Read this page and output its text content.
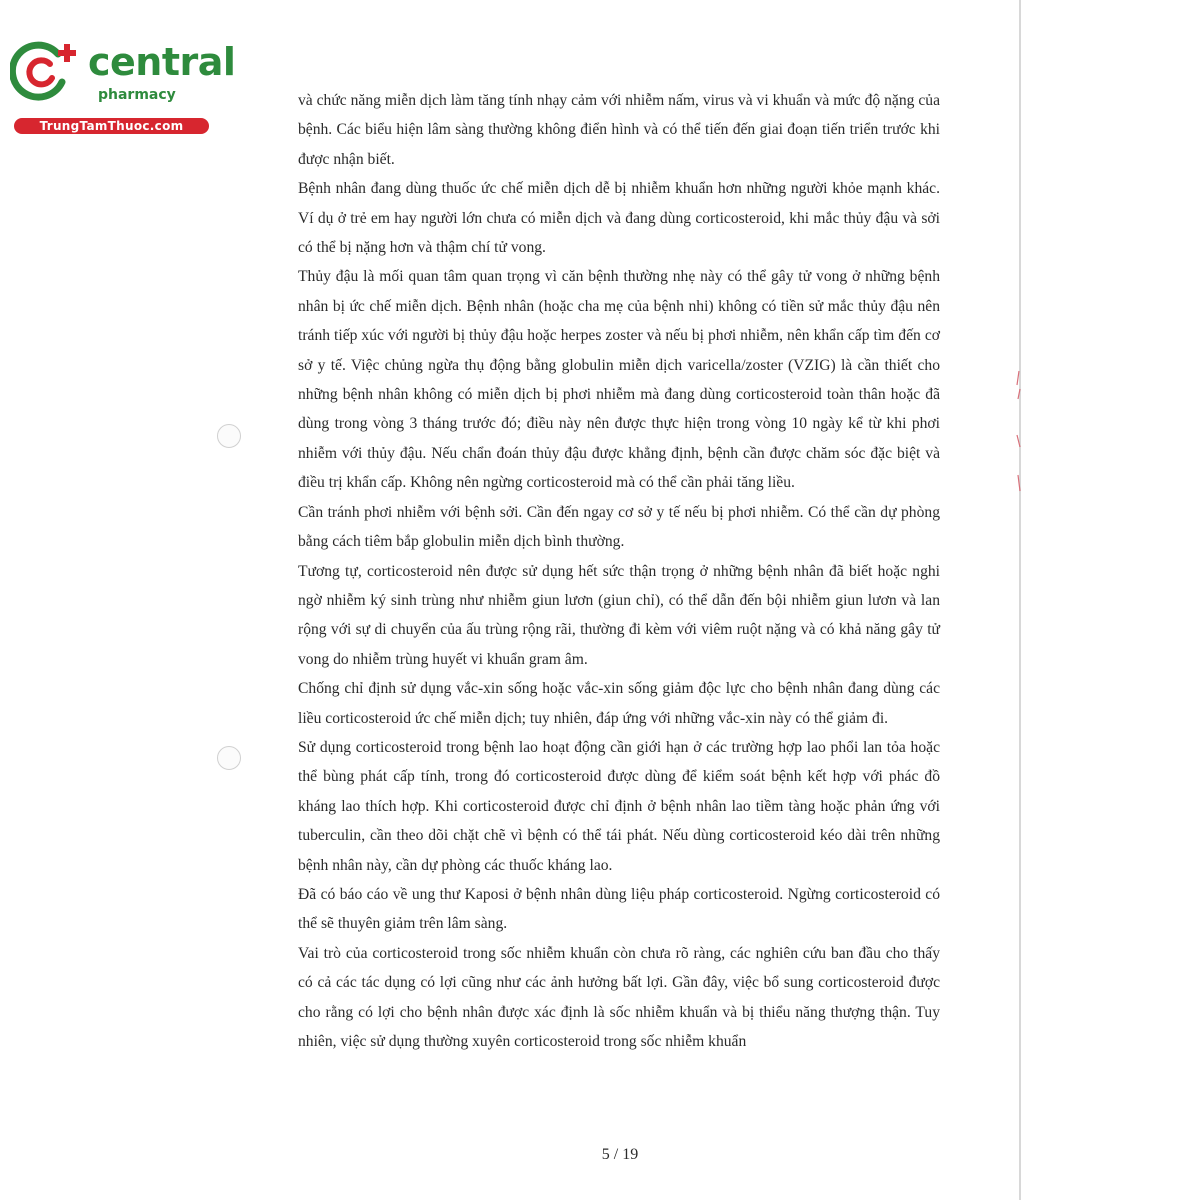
central
pharmacy
TrungTamThuoc.com

và chức năng miễn dịch làm tăng tính nhạy cảm với nhiễm nấm, virus và vi khuẩn và mức độ nặng của bệnh. Các biểu hiện lâm sàng thường không điển hình và có thể tiến đến giai đoạn tiến triển trước khi được nhận biết.

Bệnh nhân đang dùng thuốc ức chế miễn dịch dễ bị nhiễm khuẩn hơn những người khỏe mạnh khác. Ví dụ ở trẻ em hay người lớn chưa có miễn dịch và đang dùng corticosteroid, khi mắc thủy đậu và sởi có thể bị nặng hơn và thậm chí tử vong.

Thủy đậu là mối quan tâm quan trọng vì căn bệnh thường nhẹ này có thể gây tử vong ở những bệnh nhân bị ức chế miễn dịch. Bệnh nhân (hoặc cha mẹ của bệnh nhi) không có tiền sử mắc thủy đậu nên tránh tiếp xúc với người bị thủy đậu hoặc herpes zoster và nếu bị phơi nhiễm, nên khẩn cấp tìm đến cơ sở y tế. Việc chủng ngừa thụ động bằng globulin miễn dịch varicella/zoster (VZIG) là cần thiết cho những bệnh nhân không có miễn dịch bị phơi nhiễm mà đang dùng corticosteroid toàn thân hoặc đã dùng trong vòng 3 tháng trước đó; điều này nên được thực hiện trong vòng 10 ngày kể từ khi phơi nhiễm với thủy đậu. Nếu chẩn đoán thủy đậu được khẳng định, bệnh cần được chăm sóc đặc biệt và điều trị khẩn cấp. Không nên ngừng corticosteroid mà có thể cần phải tăng liều.

Cần tránh phơi nhiễm với bệnh sởi. Cần đến ngay cơ sở y tế nếu bị phơi nhiễm. Có thể cần dự phòng bằng cách tiêm bắp globulin miễn dịch bình thường.

Tương tự, corticosteroid nên được sử dụng hết sức thận trọng ở những bệnh nhân đã biết hoặc nghi ngờ nhiễm ký sinh trùng như nhiễm giun lươn (giun chỉ), có thể dẫn đến bội nhiễm giun lươn và lan rộng với sự di chuyển của ấu trùng rộng rãi, thường đi kèm với viêm ruột nặng và có khả năng gây tử vong do nhiễm trùng huyết vi khuẩn gram âm.

Chống chỉ định sử dụng vắc-xin sống hoặc vắc-xin sống giảm độc lực cho bệnh nhân đang dùng các liều corticosteroid ức chế miễn dịch; tuy nhiên, đáp ứng với những vắc-xin này có thể giảm đi.

Sử dụng corticosteroid trong bệnh lao hoạt động cần giới hạn ở các trường hợp lao phổi lan tỏa hoặc thể bùng phát cấp tính, trong đó corticosteroid được dùng để kiểm soát bệnh kết hợp với phác đồ kháng lao thích hợp. Khi corticosteroid được chỉ định ở bệnh nhân lao tiềm tàng hoặc phản ứng với tuberculin, cần theo dõi chặt chẽ vì bệnh có thể tái phát. Nếu dùng corticosteroid kéo dài trên những bệnh nhân này, cần dự phòng các thuốc kháng lao.

Đã có báo cáo về ung thư Kaposi ở bệnh nhân dùng liệu pháp corticosteroid. Ngừng corticosteroid có thể sẽ thuyên giảm trên lâm sàng.

Vai trò của corticosteroid trong sốc nhiễm khuẩn còn chưa rõ ràng, các nghiên cứu ban đầu cho thấy có cả các tác dụng có lợi cũng như các ảnh hưởng bất lợi. Gần đây, việc bổ sung corticosteroid được cho rằng có lợi cho bệnh nhân được xác định là sốc nhiễm khuẩn và bị thiểu năng thượng thận. Tuy nhiên, việc sử dụng thường xuyên corticosteroid trong sốc nhiễm khuẩn

5 / 19
